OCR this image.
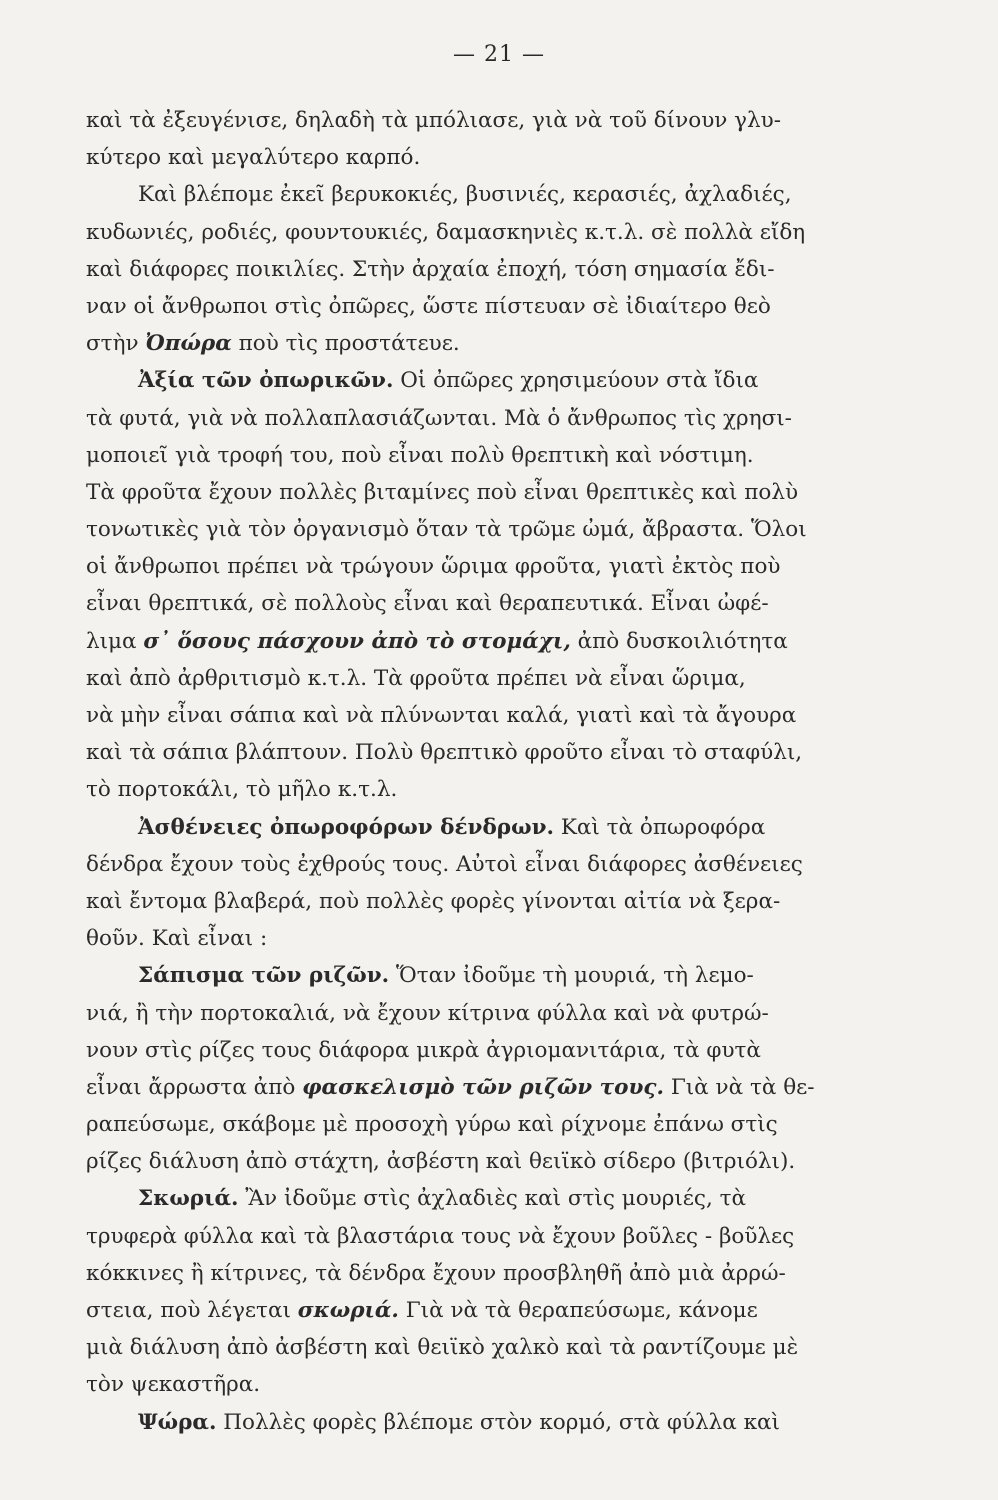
— 21 —
καὶ τὰ ἐξευγένισε, δηλαδὴ τὰ μπόλιασε, γιὰ νὰ τοῦ δίνουν γλυ-
κύτερο καὶ μεγαλύτερο καρπό.
Καὶ βλέπομε ἐκεῖ βερυκοκιές, βυσινιές, κερασιές, ἀχλαδιές,
κυδωνιές, ροδιές, φουντουκιές, δαμασκηνιὲς κ.τ.λ. σὲ πολλὰ εἴδη
καὶ διάφορες ποικιλίες. Στὴν ἀρχαία ἐποχή, τόση σημασία ἔδι-
ναν οἱ ἄνθρωποι στὶς ὀπῶρες, ὥστε πίστευαν σὲ ἰδιαίτερο θεὸ
στὴν Ὀπώρα ποὺ τὶς προστάτευε.
Ἀξία τῶν ὀπωρικῶν. Οἱ ὀπῶρες χρησιμεύουν στὰ ἴδια
τὰ φυτά, γιὰ νὰ πολλαπλασιάζωνται. Μὰ ὁ ἄνθρωπος τὶς χρησι-
μοποιεῖ γιὰ τροφή του, ποὺ εἶναι πολὺ θρεπτικὴ καὶ νόστιμη.
Τὰ φροῦτα ἔχουν πολλὲς βιταμίνες ποὺ εἶναι θρεπτικὲς καὶ πολὺ
τονωτικὲς γιὰ τὸν ὀργανισμὸ ὅταν τὰ τρῶμε ὠμά, ἄβραστα. Ὅλοι
οἱ ἄνθρωποι πρέπει νὰ τρώγουν ὥριμα φροῦτα, γιατὶ ἐκτὸς ποὺ
εἶναι θρεπτικά, σὲ πολλοὺς εἶναι καὶ θεραπευτικά. Εἶναι ὠφέ-
λιμα σ᾽ ὅσους πάσχουν ἀπὸ τὸ στομάχι, ἀπὸ δυσκοιλιότητα
καὶ ἀπὸ ἀρθριτισμὸ κ.τ.λ. Τὰ φροῦτα πρέπει νὰ εἶναι ὥριμα,
νὰ μὴν εἶναι σάπια καὶ νὰ πλύνωνται καλά, γιατὶ καὶ τὰ ἄγουρα
καὶ τὰ σάπια βλάπτουν. Πολὺ θρεπτικὸ φροῦτο εἶναι τὸ σταφύλι,
τὸ πορτοκάλι, τὸ μῆλο κ.τ.λ.
Ἀσθένειες ὀπωροφόρων δένδρων. Καὶ τὰ ὀπωροφόρα
δένδρα ἔχουν τοὺς ἐχθρούς τους. Αὐτοὶ εἶναι διάφορες ἀσθένειες
καὶ ἔντομα βλαβερά, ποὺ πολλὲς φορὲς γίνονται αἰτία νὰ ξερα-
θοῦν. Καὶ εἶναι :
Σάπισμα τῶν ριζῶν. Ὅταν ἰδοῦμε τὴ μουριά, τὴ λεμο-
νιά, ἢ τὴν πορτοκαλιά, νὰ ἔχουν κίτρινα φύλλα καὶ νὰ φυτρώ-
νουν στὶς ρίζες τους διάφορα μικρὰ ἀγριομανιτάρια, τὰ φυτὰ
εἶναι ἄρρωστα ἀπὸ φασκελισμὸ τῶν ριζῶν τους. Γιὰ νὰ τὰ θε-
ραπεύσωμε, σκάβομε μὲ προσοχὴ γύρω καὶ ρίχνομε ἐπάνω στὶς
ρίζες διάλυση ἀπὸ στάχτη, ἀσβέστη καὶ θειϊκὸ σίδερο (βιτριόλι).
Σκωριά. Ἂν ἰδοῦμε στὶς ἀχλαδιὲς καὶ στὶς μουριές, τὰ
τρυφερὰ φύλλα καὶ τὰ βλαστάρια τους νὰ ἔχουν βοῦλες - βοῦλες
κόκκινες ἢ κίτρινες, τὰ δένδρα ἔχουν προσβληθῆ ἀπὸ μιὰ ἀρρώ-
στεια, ποὺ λέγεται σκωριά. Γιὰ νὰ τὰ θεραπεύσωμε, κάνομε
μιὰ διάλυση ἀπὸ ἀσβέστη καὶ θειϊκὸ χαλκὸ καὶ τὰ ραντίζουμε μὲ
τὸν ψεκαστῆρα.
Ψώρα. Πολλὲς φορὲς βλέπομε στὸν κορμό, στὰ φύλλα καὶ
